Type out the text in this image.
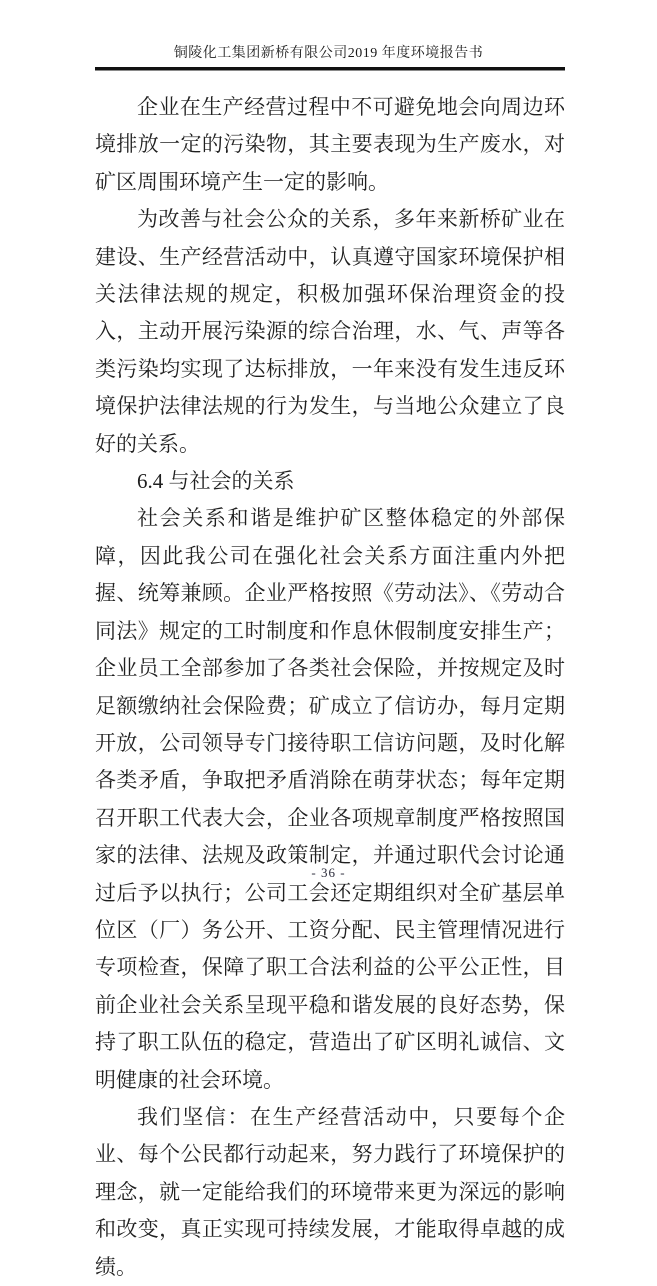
铜陵化工集团新桥有限公司2019 年度环境报告书

企业在生产经营过程中不可避免地会向周边环境排放一定的污染物，其主要表现为生产废水，对矿区周围环境产生一定的影响。

为改善与社会公众的关系，多年来新桥矿业在建设、生产经营活动中，认真遵守国家环境保护相关法律法规的规定，积极加强环保治理资金的投入，主动开展污染源的综合治理，水、气、声等各类污染均实现了达标排放，一年来没有发生违反环境保护法律法规的行为发生，与当地公众建立了良好的关系。

6.4 与社会的关系

社会关系和谐是维护矿区整体稳定的外部保障，因此我公司在强化社会关系方面注重内外把握、统筹兼顾。企业严格按照《劳动法》、《劳动合同法》规定的工时制度和作息休假制度安排生产；企业员工全部参加了各类社会保险，并按规定及时足额缴纳社会保险费；矿成立了信访办，每月定期开放，公司领导专门接待职工信访问题，及时化解各类矛盾，争取把矛盾消除在萌芽状态；每年定期召开职工代表大会，企业各项规章制度严格按照国家的法律、法规及政策制定，并通过职代会讨论通过后予以执行；公司工会还定期组织对全矿基层单位区（厂）务公开、工资分配、民主管理情况进行专项检查，保障了职工合法利益的公平公正性，目前企业社会关系呈现平稳和谐发展的良好态势，保持了职工队伍的稳定，营造出了矿区明礼诚信、文明健康的社会环境。

我们坚信：在生产经营活动中，只要每个企业、每个公民都行动起来，努力践行了环境保护的理念，就一定能给我们的环境带来更为深远的影响和改变，真正实现可持续发展，才能取得卓越的成绩。

- 36 -
